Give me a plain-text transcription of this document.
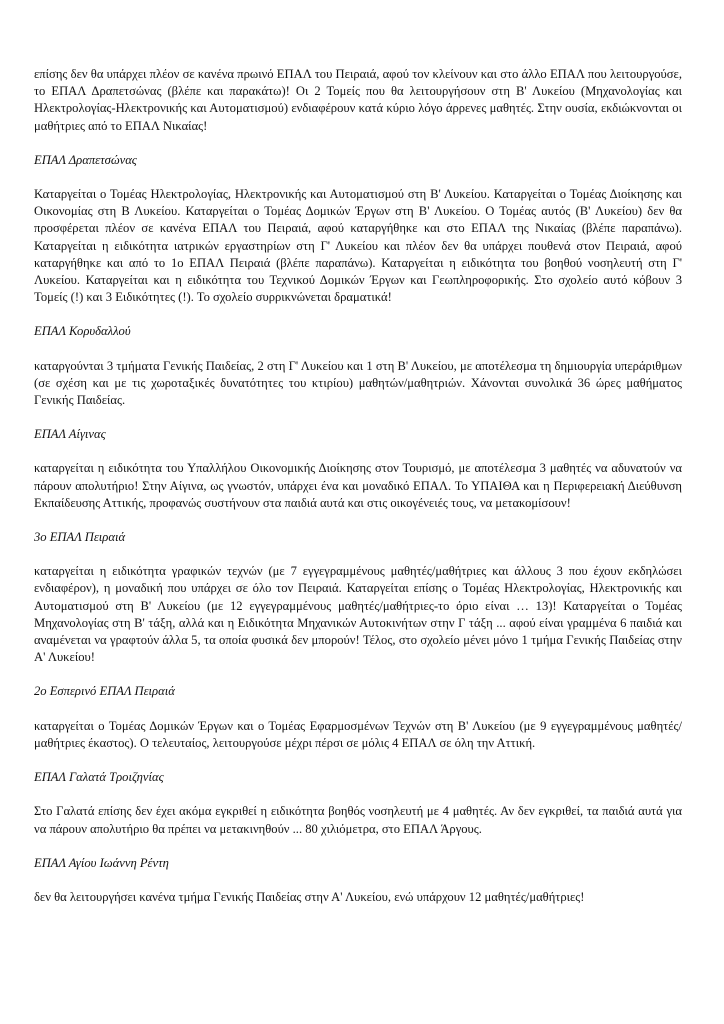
επίσης δεν θα υπάρχει πλέον σε κανένα πρωινό ΕΠΑΛ του Πειραιά, αφού τον κλείνουν και στο άλλο ΕΠΑΛ που λειτουργούσε, το ΕΠΑΛ Δραπετσώνας (βλέπε και παρακάτω)! Οι 2 Τομείς που θα λειτουργήσουν στη Β' Λυκείου (Μηχανολογίας και Ηλεκτρολογίας-Ηλεκτρονικής και Αυτοματισμού) ενδιαφέρουν κατά κύριο λόγο άρρενες μαθητές. Στην ουσία, εκδιώκνονται οι μαθήτριες από το ΕΠΑΛ Νικαίας!

ΕΠΑΛ Δραπετσώνας

Καταργείται ο Τομέας Ηλεκτρολογίας, Ηλεκτρονικής και Αυτοματισμού στη Β' Λυκείου. Καταργείται ο Τομέας Διοίκησης και Οικονομίας στη Β Λυκείου. Καταργείται ο Τομέας Δομικών Έργων στη Β' Λυκείου. Ο Τομέας αυτός (Β' Λυκείου) δεν θα προσφέρεται πλέον σε κανένα ΕΠΑΛ του Πειραιά, αφού καταργήθηκε και στο ΕΠΑΛ της Νικαίας (βλέπε παραπάνω). Καταργείται η ειδικότητα ιατρικών εργαστηρίων στη Γ' Λυκείου και πλέον δεν θα υπάρχει πουθενά στον Πειραιά, αφού καταργήθηκε και από το 1ο ΕΠΑΛ Πειραιά (βλέπε παραπάνω). Καταργείται η ειδικότητα του βοηθού νοσηλευτή στη Γ' Λυκείου. Καταργείται και η ειδικότητα του Τεχνικού Δομικών Έργων και Γεωπληροφορικής. Στο σχολείο αυτό κόβουν 3 Τομείς (!) και 3 Ειδικότητες (!). Το σχολείο συρρικνώνεται δραματικά!

ΕΠΑΛ Κορυδαλλού

καταργούνται 3 τμήματα Γενικής Παιδείας, 2 στη Γ' Λυκείου και 1 στη Β' Λυκείου, με αποτέλεσμα τη δημιουργία υπεράριθμων (σε σχέση και με τις χωροταξικές δυνατότητες του κτιρίου) μαθητών/μαθητριών. Χάνονται συνολικά 36 ώρες μαθήματος Γενικής Παιδείας.

ΕΠΑΛ Αίγινας

καταργείται η ειδικότητα του Υπαλλήλου Οικονομικής Διοίκησης στον Τουρισμό, με αποτέλεσμα 3 μαθητές να αδυνατούν να πάρουν απολυτήριο! Στην Αίγινα, ως γνωστόν, υπάρχει ένα και μοναδικό ΕΠΑΛ. Το ΥΠΑΙΘΑ και η Περιφερειακή Διεύθυνση Εκπαίδευσης Αττικής, προφανώς συστήνουν στα παιδιά αυτά και στις οικογένειές τους, να μετακομίσουν!

3ο ΕΠΑΛ Πειραιά

καταργείται η ειδικότητα γραφικών τεχνών (με 7 εγγεγραμμένους μαθητές/μαθήτριες και άλλους 3 που έχουν εκδηλώσει ενδιαφέρον), η μοναδική που υπάρχει σε όλο τον Πειραιά. Καταργείται επίσης ο Τομέας Ηλεκτρολογίας, Ηλεκτρονικής και Αυτοματισμού στη Β' Λυκείου (με 12 εγγεγραμμένους μαθητές/μαθήτριες-το όριο είναι … 13)! Καταργείται ο Τομέας Μηχανολογίας στη Β' τάξη, αλλά και η Ειδικότητα Μηχανικών Αυτοκινήτων στην Γ τάξη ... αφού είναι γραμμένα 6 παιδιά και αναμένεται να γραφτούν άλλα 5, τα οποία φυσικά δεν μπορούν! Τέλος, στο σχολείο μένει μόνο 1 τμήμα Γενικής Παιδείας στην Α' Λυκείου!

2ο Εσπερινό ΕΠΑΛ Πειραιά

καταργείται ο Τομέας Δομικών Έργων και ο Τομέας Εφαρμοσμένων Τεχνών στη Β' Λυκείου (με 9 εγγεγραμμένους μαθητές/μαθήτριες έκαστος). Ο τελευταίος, λειτουργούσε μέχρι πέρσι σε μόλις 4 ΕΠΑΛ σε όλη την Αττική.

ΕΠΑΛ Γαλατά Τροιζηνίας

Στο Γαλατά επίσης δεν έχει ακόμα εγκριθεί η ειδικότητα βοηθός νοσηλευτή με 4 μαθητές. Αν δεν εγκριθεί, τα παιδιά αυτά για να πάρουν απολυτήριο θα πρέπει να μετακινηθούν ... 80 χιλιόμετρα, στο ΕΠΑΛ Άργους.

ΕΠΑΛ Αγίου Ιωάννη Ρέντη

δεν θα λειτουργήσει κανένα τμήμα Γενικής Παιδείας στην Α' Λυκείου, ενώ υπάρχουν 12 μαθητές/μαθήτριες!
